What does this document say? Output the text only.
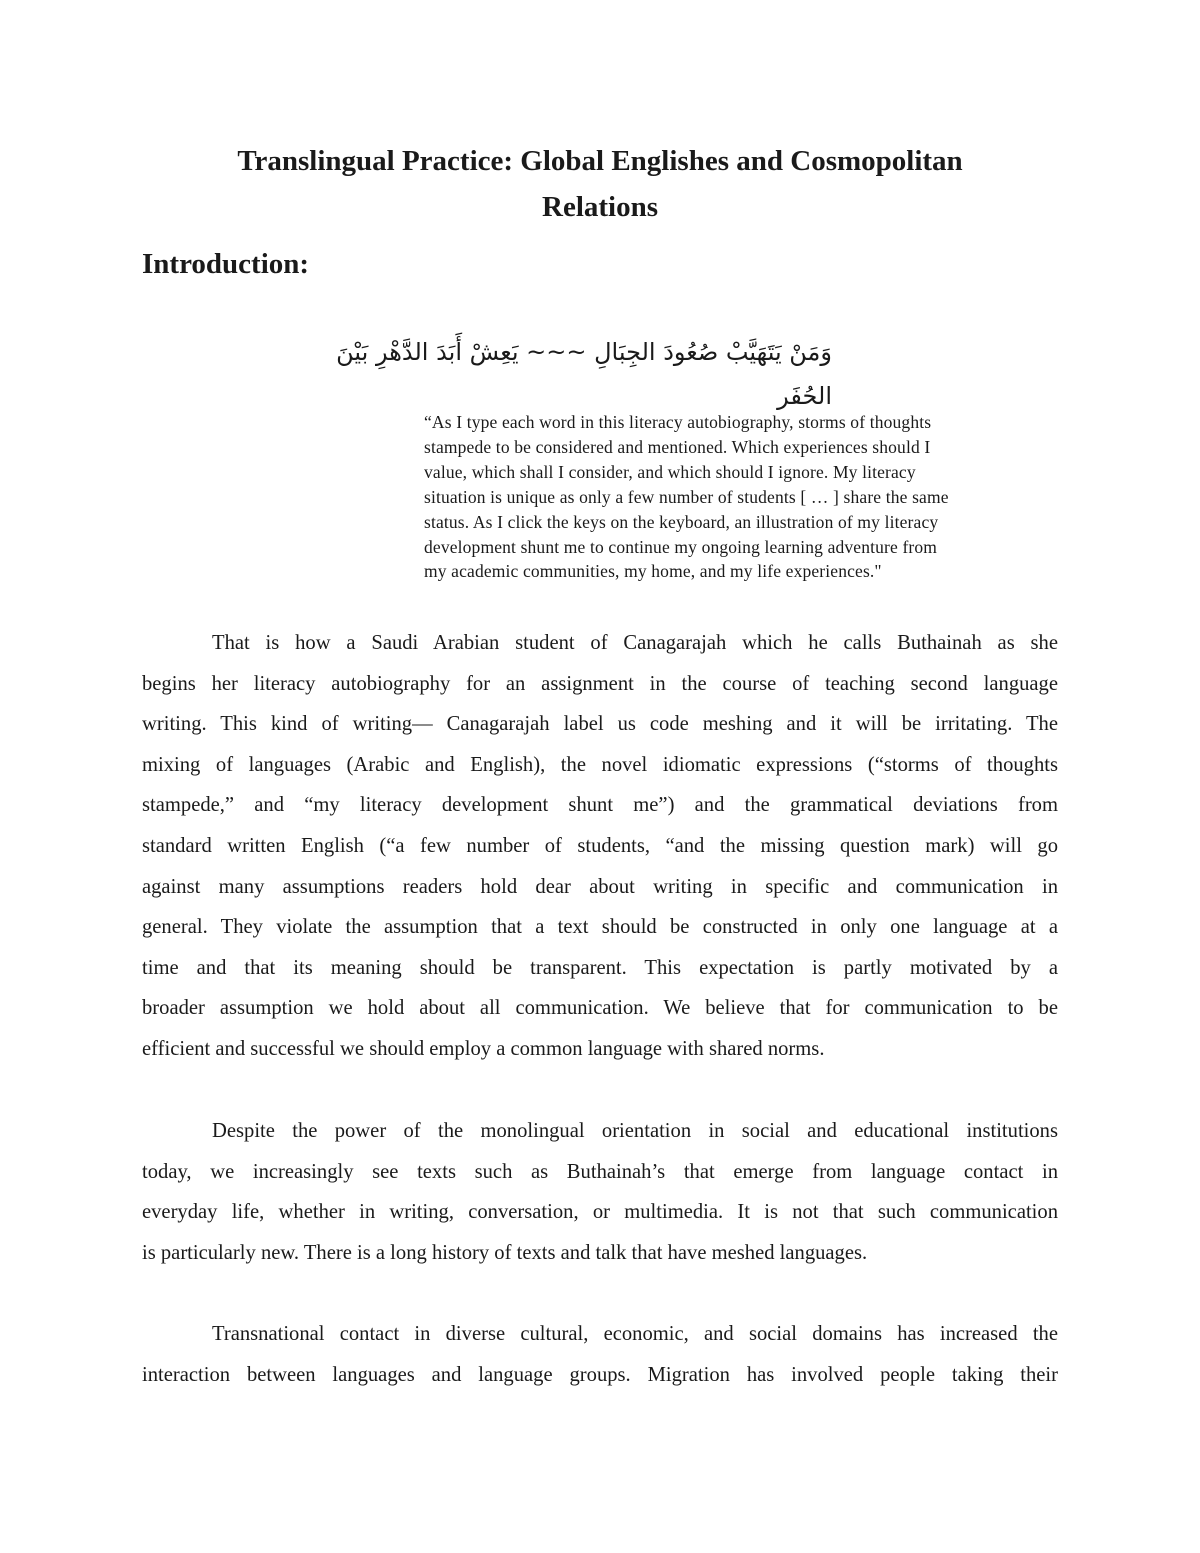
Translingual Practice: Global Englishes and Cosmopolitan
Relations
Introduction:

وَمَنْ يَتَهَيَّبْ صُعُودَ الجِبَالِ ~~~ يَعِشْ أَبَدَ الدَّهْرِ بَيْنَ الحُفَر

“As I type each word in this literacy autobiography, storms of thoughts
stampede to be considered and mentioned. Which experiences should I
value, which shall I consider, and which should I ignore. My literacy
situation is unique as only a few number of students [ … ] share the same
status. As I click the keys on the keyboard, an illustration of my literacy
development shunt me to continue my ongoing learning adventure from
my academic communities, my home, and my life experiences."

That is how a Saudi Arabian student of Canagarajah which he calls Buthainah as she
begins her literacy autobiography for an assignment in the course of teaching second language
writing. This kind of writing— Canagarajah label us code meshing and it will be irritating. The
mixing of languages (Arabic and English), the novel idiomatic expressions (“storms of thoughts
stampede,” and “my literacy development shunt me”) and the grammatical deviations from
standard written English (“a few number of students, “and the missing question mark) will go
against many assumptions readers hold dear about writing in specific and communication in
general. They violate the assumption that a text should be constructed in only one language at a
time and that its meaning should be transparent. This expectation is partly motivated by a
broader assumption we hold about all communication. We believe that for communication to be
efficient and successful we should employ a common language with shared norms.

Despite the power of the monolingual orientation in social and educational institutions
today, we increasingly see texts such as Buthainah’s that emerge from language contact in
everyday life, whether in writing, conversation, or multimedia. It is not that such communication
is particularly new. There is a long history of texts and talk that have meshed languages.

Transnational contact in diverse cultural, economic, and social domains has increased the
interaction between languages and language groups. Migration has involved people taking their
